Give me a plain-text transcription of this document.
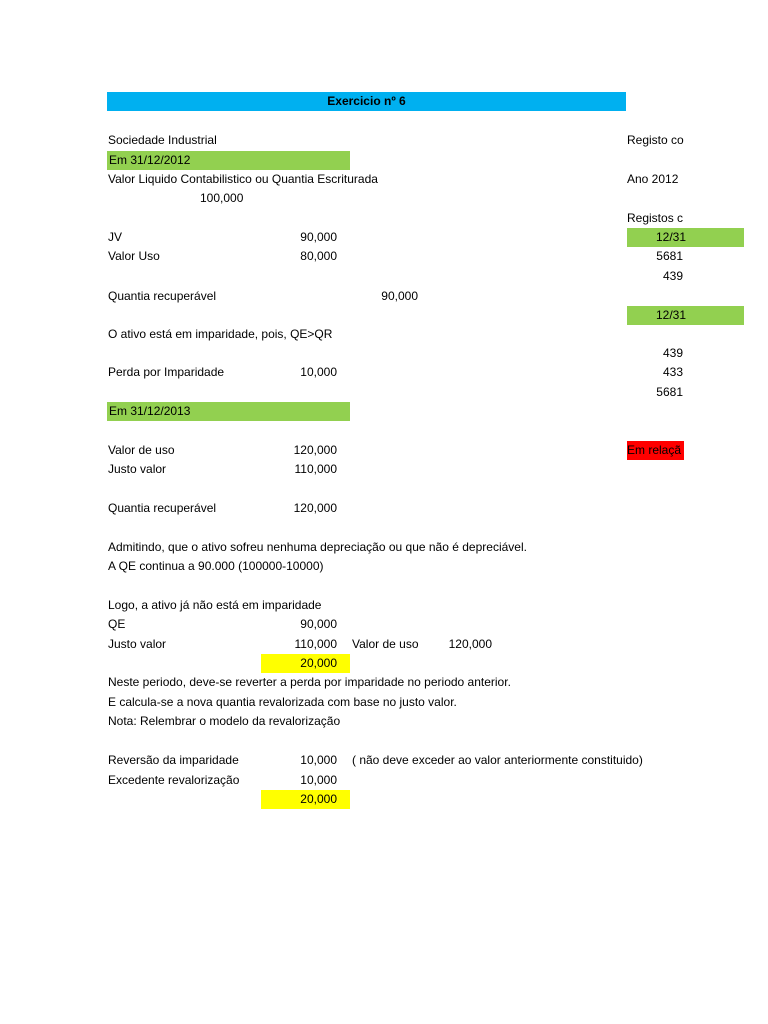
Exercicio nº 6
Sociedade Industrial
Em 31/12/2012
Valor Liquido Contabilistico ou Quantia Escriturada
100,000
JV	90,000
Valor Uso	80,000
Quantia recuperável	90,000
O ativo está em imparidade, pois, QE>QR
Perda por Imparidade	10,000
Em 31/12/2013
Valor de uso	120,000
Justo valor	110,000
Quantia recuperável	120,000
Admitindo, que o ativo sofreu nenhuma depreciação ou que não é depreciável.
A QE continua a 90.000 (100000-10000)
Logo, a ativo já não está em imparidade
QE	90,000
Justo valor	110,000 Valor de uso	120,000
20,000
Neste periodo, deve-se reverter a perda por imparidade no periodo anterior.
E calcula-se a nova quantia revalorizada com base no justo valor.
Nota: Relembrar o modelo da revalorização
Reversão da imparidade	10,000 ( não deve exceder ao valor anteriormente constituido)
Excedente revalorização	10,000
20,000
Registo co
Ano 2012
Registos c
12/31
5681
439
12/31
439
433
5681
Em relaçã
